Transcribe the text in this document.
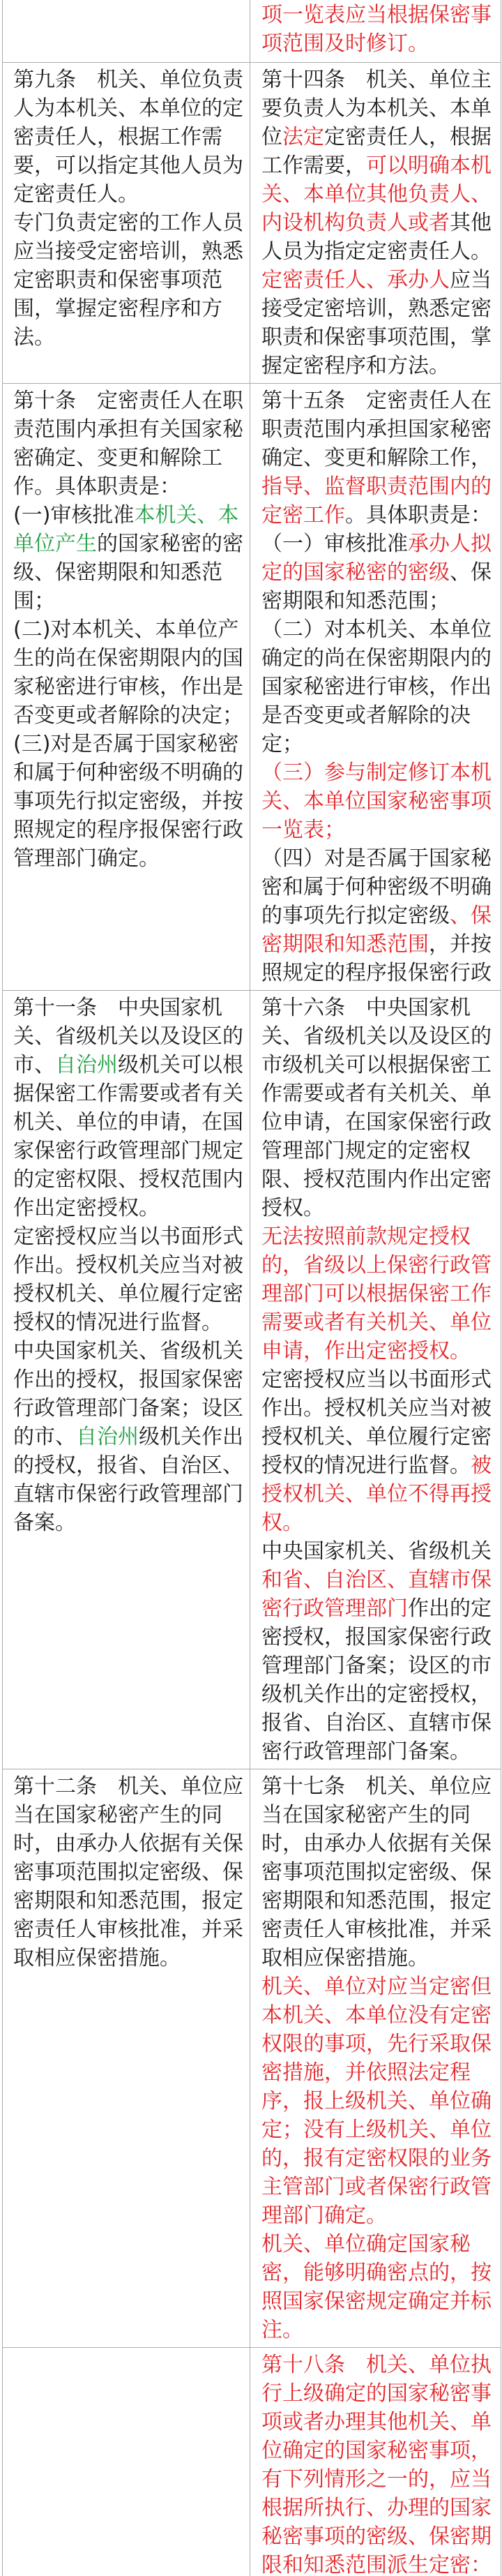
项一览表应当根据保密事项范围及时修订。

第九条　机关、单位负责人为本机关、本单位的定密责任人，根据工作需要，可以指定其他人员为定密责任人。

专门负责定密的工作人员应当接受定密培训，熟悉定密职责和保密事项范围，掌握定密程序和方法。

第十四条　机关、单位主要负责人为本机关、本单位法定定密责任人，根据工作需要，可以明确本机关、本单位其他负责人、内设机构负责人或者其他人员为指定定密责任人。

定密责任人、承办人应当接受定密培训，熟悉定密职责和保密事项范围，掌握定密程序和方法。

第十条　定密责任人在职责范围内承担有关国家秘密确定、变更和解除工作。具体职责是：

(一)审核批准本机关、本单位产生的国家秘密的密级、保密期限和知悉范围；

(二)对本机关、本单位产生的尚在保密期限内的国家秘密进行审核，作出是否变更或者解除的决定；

(三)对是否属于国家秘密和属于何种密级不明确的事项先行拟定密级，并按照规定的程序报保密行政管理部门确定。

第十五条　定密责任人在职责范围内承担国家秘密确定、变更和解除工作，指导、监督职责范围内的定密工作。具体职责是：

（一）审核批准承办人拟定的国家秘密的密级、保密期限和知悉范围；

（二）对本机关、本单位确定的尚在保密期限内的国家秘密进行审核，作出是否变更或者解除的决定；

（三）参与制定修订本机关、本单位国家秘密事项一览表；

（四）对是否属于国家秘密和属于何种密级不明确的事项先行拟定密级、保密期限和知悉范围，并按照规定的程序报保密行政

第十一条　中央国家机关、省级机关以及设区的市、自治州级机关可以根据保密工作需要或者有关机关、单位的申请，在国家保密行政管理部门规定的定密权限、授权范围内作出定密授权。

定密授权应当以书面形式作出。授权机关应当对被授权机关、单位履行定密授权的情况进行监督。

中央国家机关、省级机关作出的授权，报国家保密行政管理部门备案；设区的市、自治州级机关作出的授权，报省、自治区、直辖市保密行政管理部门备案。

第十六条　中央国家机关、省级机关以及设区的市级机关可以根据保密工作需要或者有关机关、单位申请，在国家保密行政管理部门规定的定密权限、授权范围内作出定密授权。

无法按照前款规定授权的，省级以上保密行政管理部门可以根据保密工作需要或者有关机关、单位申请，作出定密授权。

定密授权应当以书面形式作出。授权机关应当对被授权机关、单位履行定密授权的情况进行监督。被授权机关、单位不得再授权。

中央国家机关、省级机关和省、自治区、直辖市保密行政管理部门作出的定密授权，报国家保密行政管理部门备案；设区的市级机关作出的定密授权，报省、自治区、直辖市保密行政管理部门备案。

第十二条　机关、单位应当在国家秘密产生的同时，由承办人依据有关保密事项范围拟定密级、保密期限和知悉范围，报定密责任人审核批准，并采取相应保密措施。

第十七条　机关、单位应当在国家秘密产生的同时，由承办人依据有关保密事项范围拟定密级、保密期限和知悉范围，报定密责任人审核批准，并采取相应保密措施。

机关、单位对应当定密但本机关、本单位没有定密权限的事项，先行采取保密措施，并依照法定程序，报上级机关、单位确定；没有上级机关、单位的，报有定密权限的业务主管部门或者保密行政管理部门确定。

机关、单位确定国家秘密，能够明确密点的，按照国家保密规定确定并标注。

第十八条　机关、单位执行上级确定的国家秘密事项或者办理其他机关、单位确定的国家秘密事项，有下列情形之一的，应当根据所执行、办理的国家秘密事项的密级、保密期限和知悉范围派生定密：
